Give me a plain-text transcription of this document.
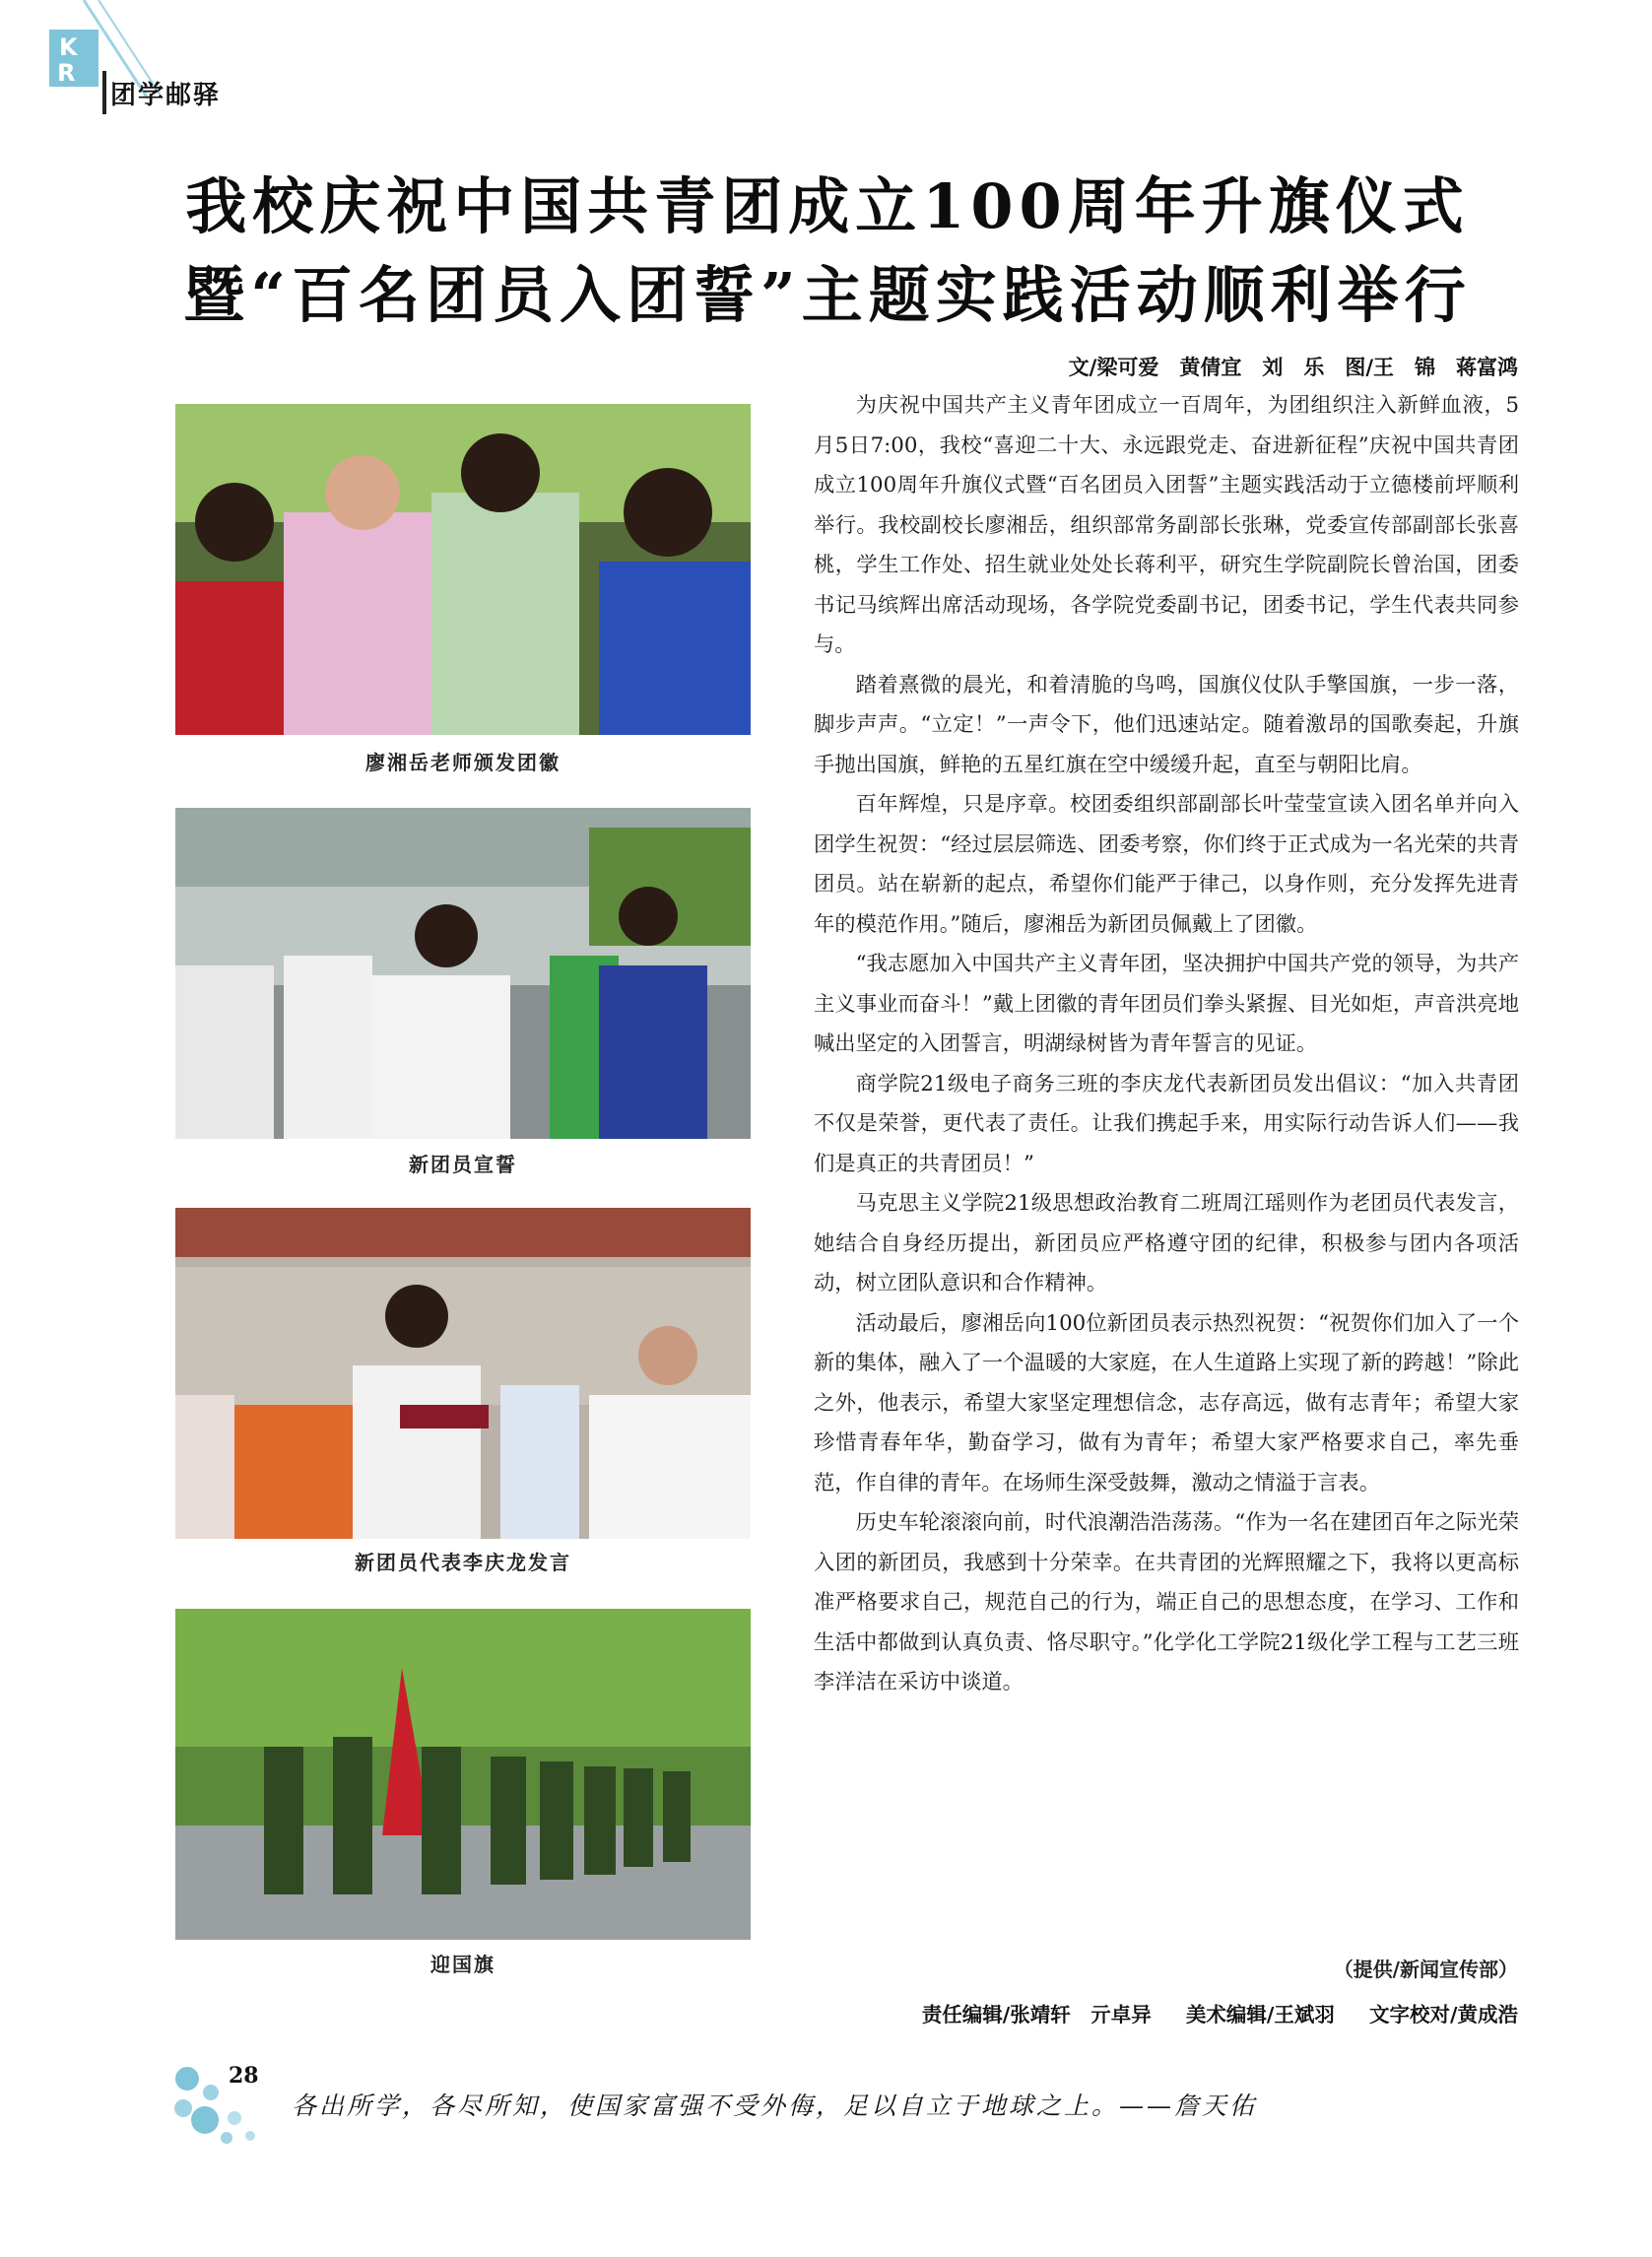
K
R
团学邮驿
我校庆祝中国共青团成立100周年升旗仪式
暨“百名团员入团誓”主题实践活动顺利举行
文/梁可爱　黄倩宜　刘　乐　图/王　锦　蒋富鸿
廖湘岳老师颁发团徽
新团员宣誓
新团员代表李庆龙发言
迎国旗

为庆祝中国共产主义青年团成立一百周年，为团组织注入新鲜血液，5月5日7:00，我校“喜迎二十大、永远跟党走、奋进新征程”庆祝中国共青团成立100周年升旗仪式暨“百名团员入团誓”主题实践活动于立德楼前坪顺利举行。我校副校长廖湘岳，组织部常务副部长张琳，党委宣传部副部长张喜桃，学生工作处、招生就业处处长蒋利平，研究生学院副院长曾治国，团委书记马缤辉出席活动现场，各学院党委副书记，团委书记，学生代表共同参与。

踏着熹微的晨光，和着清脆的鸟鸣，国旗仪仗队手擎国旗，一步一落，脚步声声。“立定！”一声令下，他们迅速站定。随着激昂的国歌奏起，升旗手抛出国旗，鲜艳的五星红旗在空中缓缓升起，直至与朝阳比肩。

百年辉煌，只是序章。校团委组织部副部长叶莹莹宣读入团名单并向入团学生祝贺：“经过层层筛选、团委考察，你们终于正式成为一名光荣的共青团员。站在崭新的起点，希望你们能严于律己，以身作则，充分发挥先进青年的模范作用。”随后，廖湘岳为新团员佩戴上了团徽。

“我志愿加入中国共产主义青年团，坚决拥护中国共产党的领导，为共产主义事业而奋斗！”戴上团徽的青年团员们拳头紧握、目光如炬，声音洪亮地喊出坚定的入团誓言，明湖绿树皆为青年誓言的见证。

商学院21级电子商务三班的李庆龙代表新团员发出倡议：“加入共青团不仅是荣誉，更代表了责任。让我们携起手来，用实际行动告诉人们——我们是真正的共青团员！”

马克思主义学院21级思想政治教育二班周江瑶则作为老团员代表发言，她结合自身经历提出，新团员应严格遵守团的纪律，积极参与团内各项活动，树立团队意识和合作精神。

活动最后，廖湘岳向100位新团员表示热烈祝贺：“祝贺你们加入了一个新的集体，融入了一个温暖的大家庭，在人生道路上实现了新的跨越！”除此之外，他表示，希望大家坚定理想信念，志存高远，做有志青年；希望大家珍惜青春年华，勤奋学习，做有为青年；希望大家严格要求自己，率先垂范，作自律的青年。在场师生深受鼓舞，激动之情溢于言表。

历史车轮滚滚向前，时代浪潮浩浩荡荡。“作为一名在建团百年之际光荣入团的新团员，我感到十分荣幸。在共青团的光辉照耀之下，我将以更高标准严格要求自己，规范自己的行为，端正自己的思想态度，在学习、工作和生活中都做到认真负责、恪尽职守。”化学化工学院21级化学工程与工艺三班李洋洁在采访中谈道。

（提供/新闻宣传部）
责任编辑/张靖轩　亓卓异 美术编辑/王斌羽 文字校对/黄成浩
28
各出所学，各尽所知，使国家富强不受外侮，足以自立于地球之上。——詹天佑
